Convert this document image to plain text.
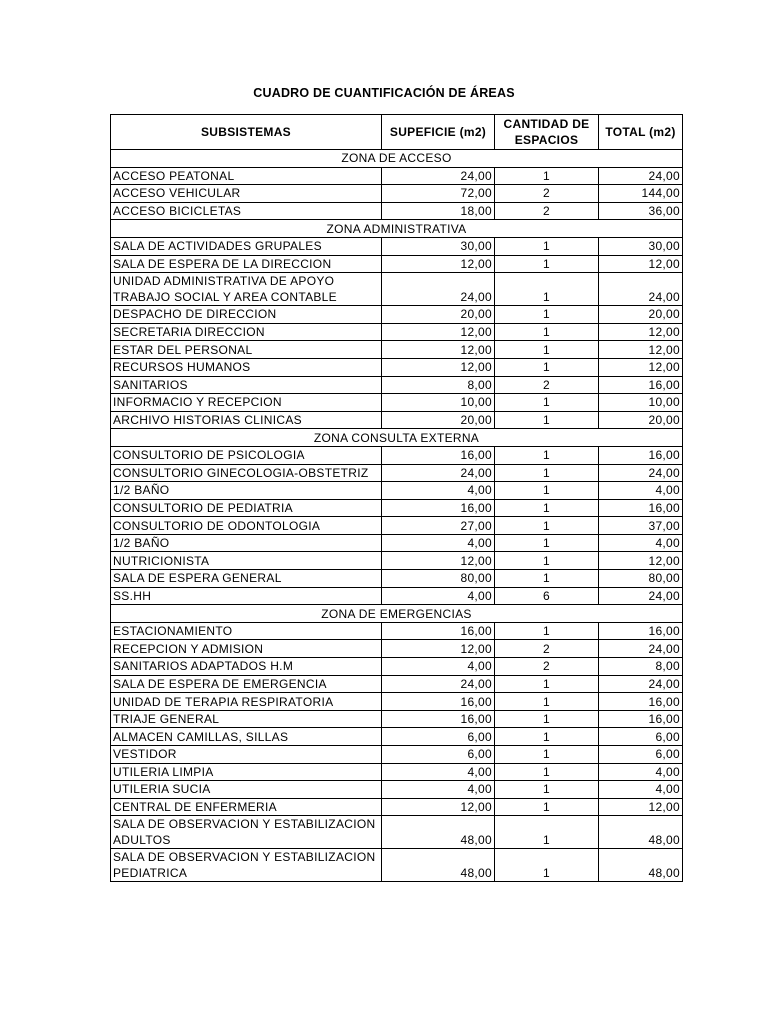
CUADRO DE CUANTIFICACIÓN DE ÁREAS
SUBSISTEMAS	SUPEFICIE (m2)	CANTIDAD DE ESPACIOS	TOTAL (m2)
ZONA DE ACCESO			
ACCESO PEATONAL	24,00	1	24,00
ACCESO VEHICULAR	72,00	2	144,00
ACCESO BICICLETAS	18,00	2	36,00
ZONA ADMINISTRATIVA			
SALA DE ACTIVIDADES GRUPALES	30,00	1	30,00
SALA DE ESPERA DE LA DIRECCION	12,00	1	12,00
UNIDAD ADMINISTRATIVA DE APOYO TRABAJO SOCIAL Y AREA CONTABLE	24,00	1	24,00
DESPACHO DE DIRECCION	20,00	1	20,00
SECRETARIA DIRECCION	12,00	1	12,00
ESTAR DEL PERSONAL	12,00	1	12,00
RECURSOS HUMANOS	12,00	1	12,00
SANITARIOS	8,00	2	16,00
INFORMACIO Y RECEPCION	10,00	1	10,00
ARCHIVO HISTORIAS CLINICAS	20,00	1	20,00
ZONA CONSULTA EXTERNA			
CONSULTORIO DE PSICOLOGIA	16,00	1	16,00
CONSULTORIO GINECOLOGIA-OBSTETRIZ	24,00	1	24,00
1/2 BAÑO	4,00	1	4,00
CONSULTORIO DE PEDIATRIA	16,00	1	16,00
CONSULTORIO DE ODONTOLOGIA	27,00	1	37,00
1/2 BAÑO	4,00	1	4,00
NUTRICIONISTA	12,00	1	12,00
SALA DE ESPERA GENERAL	80,00	1	80,00
SS.HH	4,00	6	24,00
ZONA DE EMERGENCIAS			
ESTACIONAMIENTO	16,00	1	16,00
RECEPCION Y ADMISION	12,00	2	24,00
SANITARIOS ADAPTADOS H.M	4,00	2	8,00
SALA DE ESPERA DE EMERGENCIA	24,00	1	24,00
UNIDAD DE TERAPIA RESPIRATORIA	16,00	1	16,00
TRIAJE GENERAL	16,00	1	16,00
ALMACEN CAMILLAS, SILLAS	6,00	1	6,00
VESTIDOR	6,00	1	6,00
UTILERIA LIMPIA	4,00	1	4,00
UTILERIA SUCIA	4,00	1	4,00
CENTRAL DE ENFERMERIA	12,00	1	12,00
SALA DE OBSERVACION Y ESTABILIZACION ADULTOS	48,00	1	48,00
SALA DE OBSERVACION Y ESTABILIZACION PEDIATRICA	48,00	1	48,00
